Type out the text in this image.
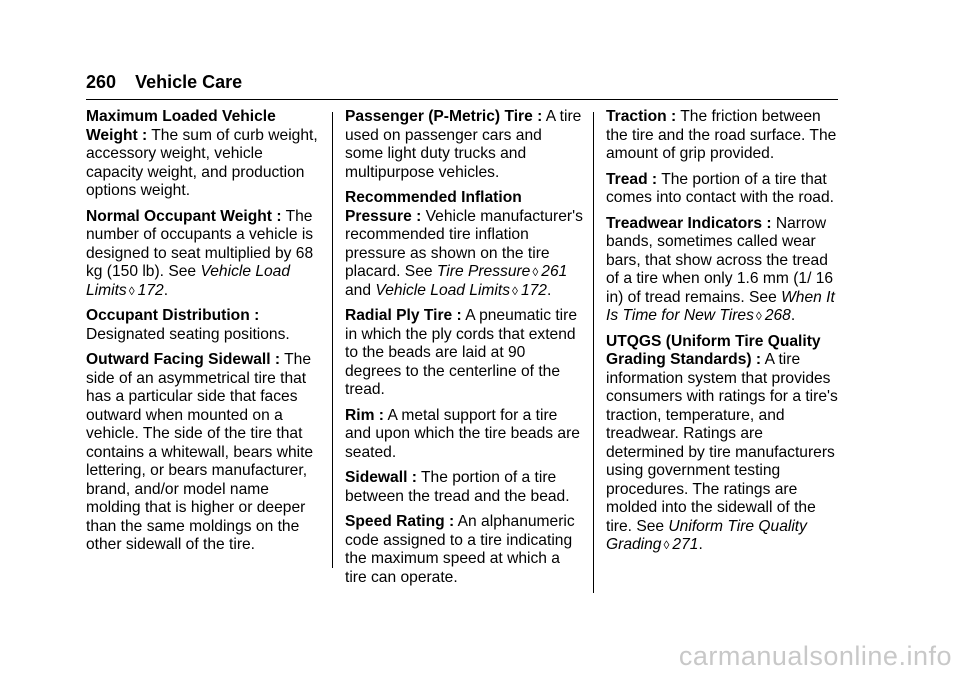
260 Vehicle Care

Maximum Loaded Vehicle Weight : The sum of curb weight, accessory weight, vehicle capacity weight, and production options weight.

Normal Occupant Weight : The number of occupants a vehicle is designed to seat multiplied by 68 kg (150 lb). See Vehicle Load Limits ◊ 172.

Occupant Distribution : Designated seating positions.

Outward Facing Sidewall : The side of an asymmetrical tire that has a particular side that faces outward when mounted on a vehicle. The side of the tire that contains a whitewall, bears white lettering, or bears manufacturer, brand, and/or model name molding that is higher or deeper than the same moldings on the other sidewall of the tire.

Passenger (P-Metric) Tire : A tire used on passenger cars and some light duty trucks and multipurpose vehicles.

Recommended Inflation Pressure : Vehicle manufacturer's recommended tire inflation pressure as shown on the tire placard. See Tire Pressure ◊ 261 and Vehicle Load Limits ◊ 172.

Radial Ply Tire : A pneumatic tire in which the ply cords that extend to the beads are laid at 90 degrees to the centerline of the tread.

Rim : A metal support for a tire and upon which the tire beads are seated.

Sidewall : The portion of a tire between the tread and the bead.

Speed Rating : An alphanumeric code assigned to a tire indicating the maximum speed at which a tire can operate.

Traction : The friction between the tire and the road surface. The amount of grip provided.

Tread : The portion of a tire that comes into contact with the road.

Treadwear Indicators : Narrow bands, sometimes called wear bars, that show across the tread of a tire when only 1.6 mm (1/ 16 in) of tread remains. See When It Is Time for New Tires ◊ 268.

UTQGS (Uniform Tire Quality Grading Standards) : A tire information system that provides consumers with ratings for a tire's traction, temperature, and treadwear. Ratings are determined by tire manufacturers using government testing procedures. The ratings are molded into the sidewall of the tire. See Uniform Tire Quality Grading ◊ 271.

carmanualsonline.info
